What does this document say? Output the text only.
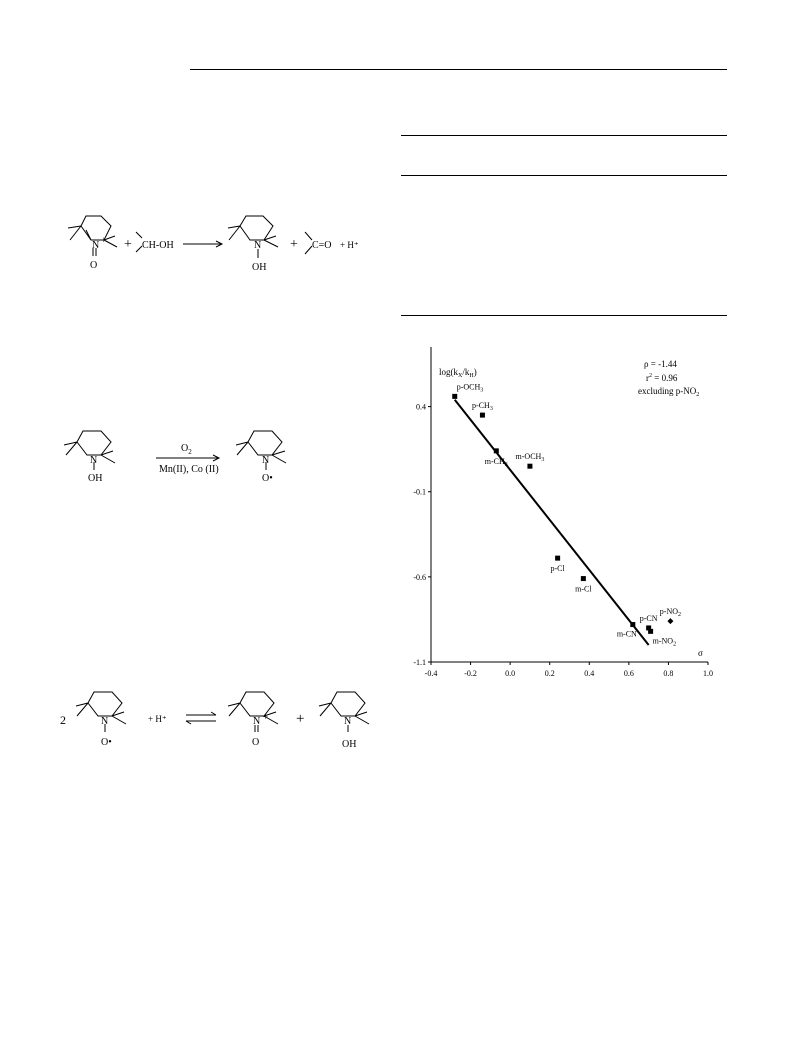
N +
O
+ CH-OH	N
OH
+ C=O + H⁺
N
OH
$O_2$
Mn(II), Co (II)
N
O•
2	N
O•
+ H⁺	N +
O
+	N
OH
-0.4	-0.2	0.0	0.2	0.4	0.6	0.8	1.0
0.4
-0.1
-0.6
-1.1
$p-OCH_3$
$p-CH_3$
$m-CH_3$
$m-OCH_3$
p-Cl
m-Cl
m-CN
p-CN
$m-NO_2$
$p-NO_2$
$\log(k_X/k_H)$
σ
ρ = -1.44
$r^2 = 0.96$
excluding $p-NO_2$
